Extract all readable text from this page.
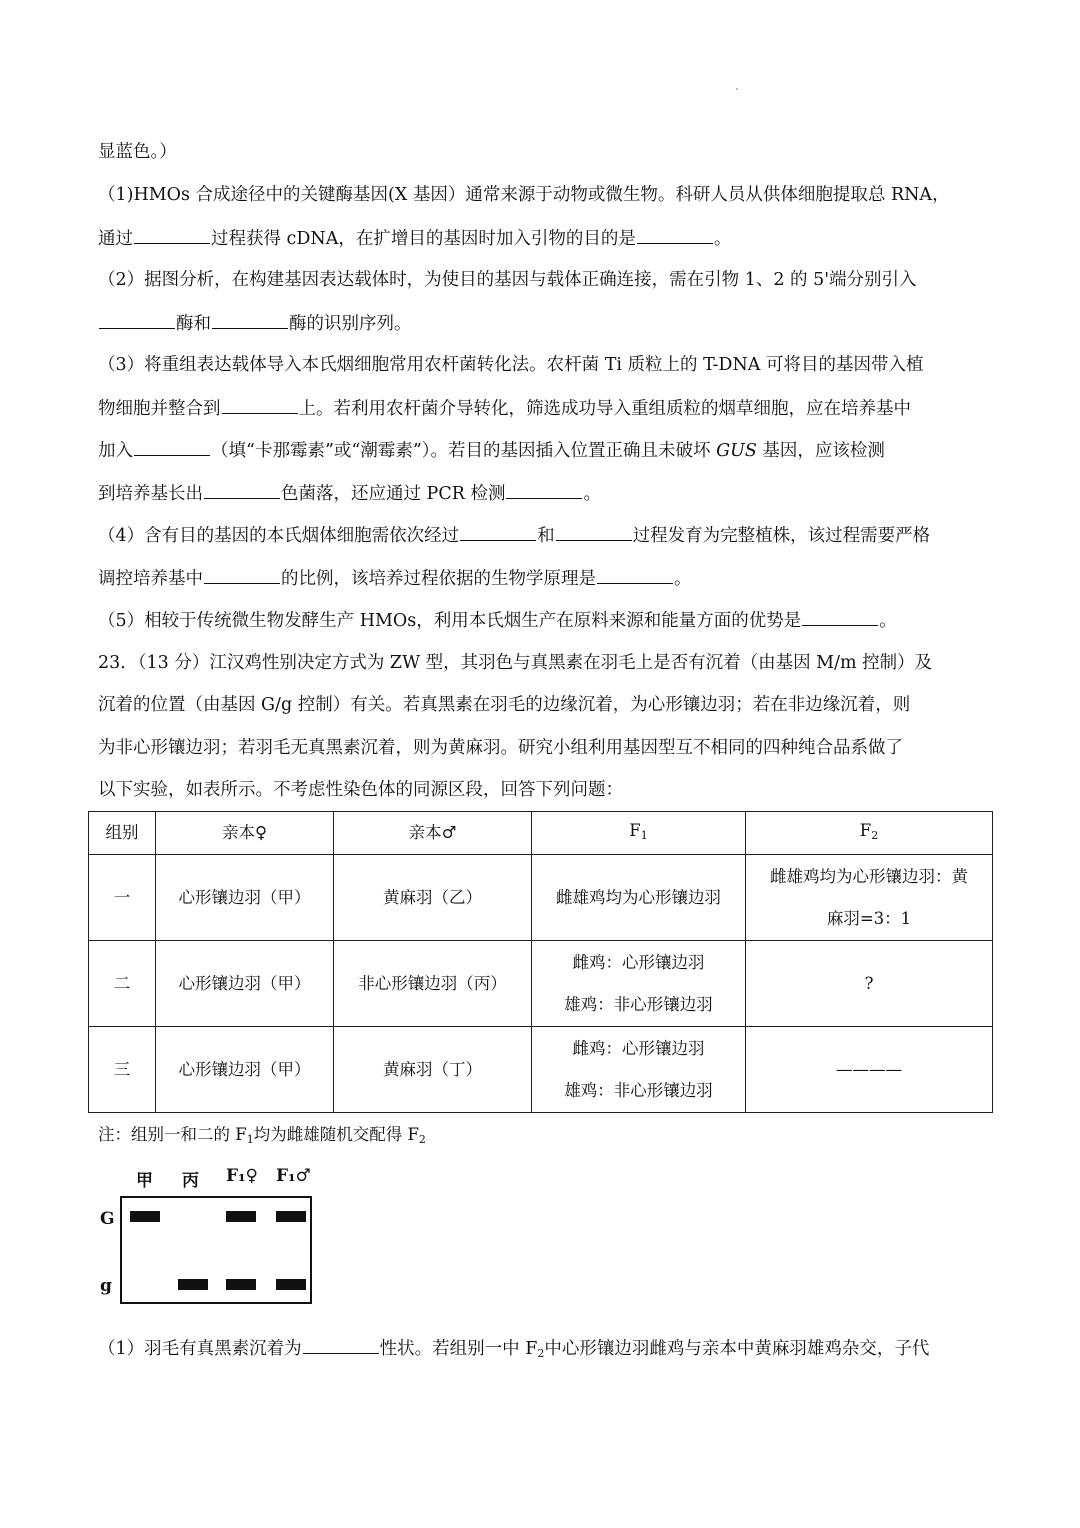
显蓝色。）
（1)HMOs 合成途径中的关键酶基因(X 基因）通常来源于动物或微生物。科研人员从供体细胞提取总 RNA，
通过	过程获得 cDNA，在扩增目的基因时加入引物的目的是	。
（2）据图分析，在构建基因表达载体时，为使目的基因与载体正确连接，需在引物 1、2 的 5'端分别引入
酶和	酶的识别序列。
（3）将重组表达载体导入本氏烟细胞常用农杆菌转化法。农杆菌 Ti 质粒上的 T-DNA 可将目的基因带入植
物细胞并整合到	上。若利用农杆菌介导转化，筛选成功导入重组质粒的烟草细胞，应在培养基中
加入	（填“卡那霉素”或“潮霉素”）。若目的基因插入位置正确且未破坏 GUS 基因，应该检测
到培养基长出	色菌落，还应通过 PCR 检测	。
（4）含有目的基因的本氏烟体细胞需依次经过	和	过程发育为完整植株，该过程需要严格
调控培养基中	的比例，该培养过程依据的生物学原理是	。
（5）相较于传统微生物发酵生产 HMOs，利用本氏烟生产在原料来源和能量方面的优势是	。
23．（13 分）江汉鸡性别决定方式为 ZW 型，其羽色与真黑素在羽毛上是否有沉着（由基因 M/m 控制）及
沉着的位置（由基因 G/g 控制）有关。若真黑素在羽毛的边缘沉着，为心形镶边羽；若在非边缘沉着，则
为非心形镶边羽；若羽毛无真黑素沉着，则为黄麻羽。研究小组利用基因型互不相同的四种纯合品系做了
以下实验，如表所示。不考虑性染色体的同源区段，回答下列问题：
组别	亲本♀	亲本♂	$F_1$	$F_2$
一	心形镶边羽（甲）	黄麻羽（乙）	雌雄鸡均为心形镶边羽	雌雄鸡均为心形镶边羽：黄
麻羽=3：1

二	心形镶边羽（甲）	非心形镶边羽（丙）	雌鸡：心形镶边羽
雄鸡：非心形镶边羽	?
三	心形镶边羽（甲）	黄麻羽（丁）	雌鸡：心形镶边羽
雄鸡：非心形镶边羽	————
注：组别一和二的 $F_1$均为雌雄随机交配得 $F_2$
甲 丙 F₁♀ F₁♂
G
g
（1）羽毛有真黑素沉着为	性状。若组别一中 $F_2$中心形镶边羽雌鸡与亲本中黄麻羽雄鸡杂交，子代
